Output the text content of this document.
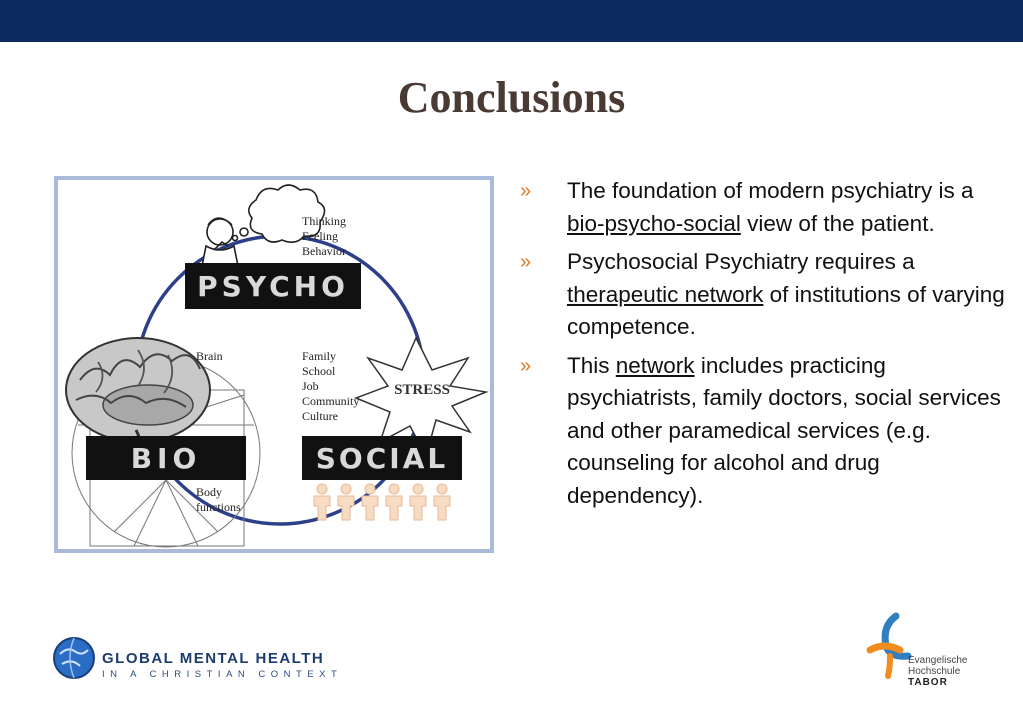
Conclusions
Thinking
Feeling
Behavior
PSYCHO
Brain	Family
School
Job
Community
Culture
STRESS
BIO	SOCIAL
Body
functions
» The foundation of modern psychiatry is a bio-psycho-social view of the patient.
» Psychosocial Psychiatry requires a therapeutic network of institutions of varying competence.
» This network includes practicing psychiatrists, family doctors, social services and other paramedical services (e.g. counseling for alcohol and drug dependency).
GLOBAL MENTAL HEALTH
IN A CHRISTIAN CONTEXT
Evangelische
Hochschule
TABOR
